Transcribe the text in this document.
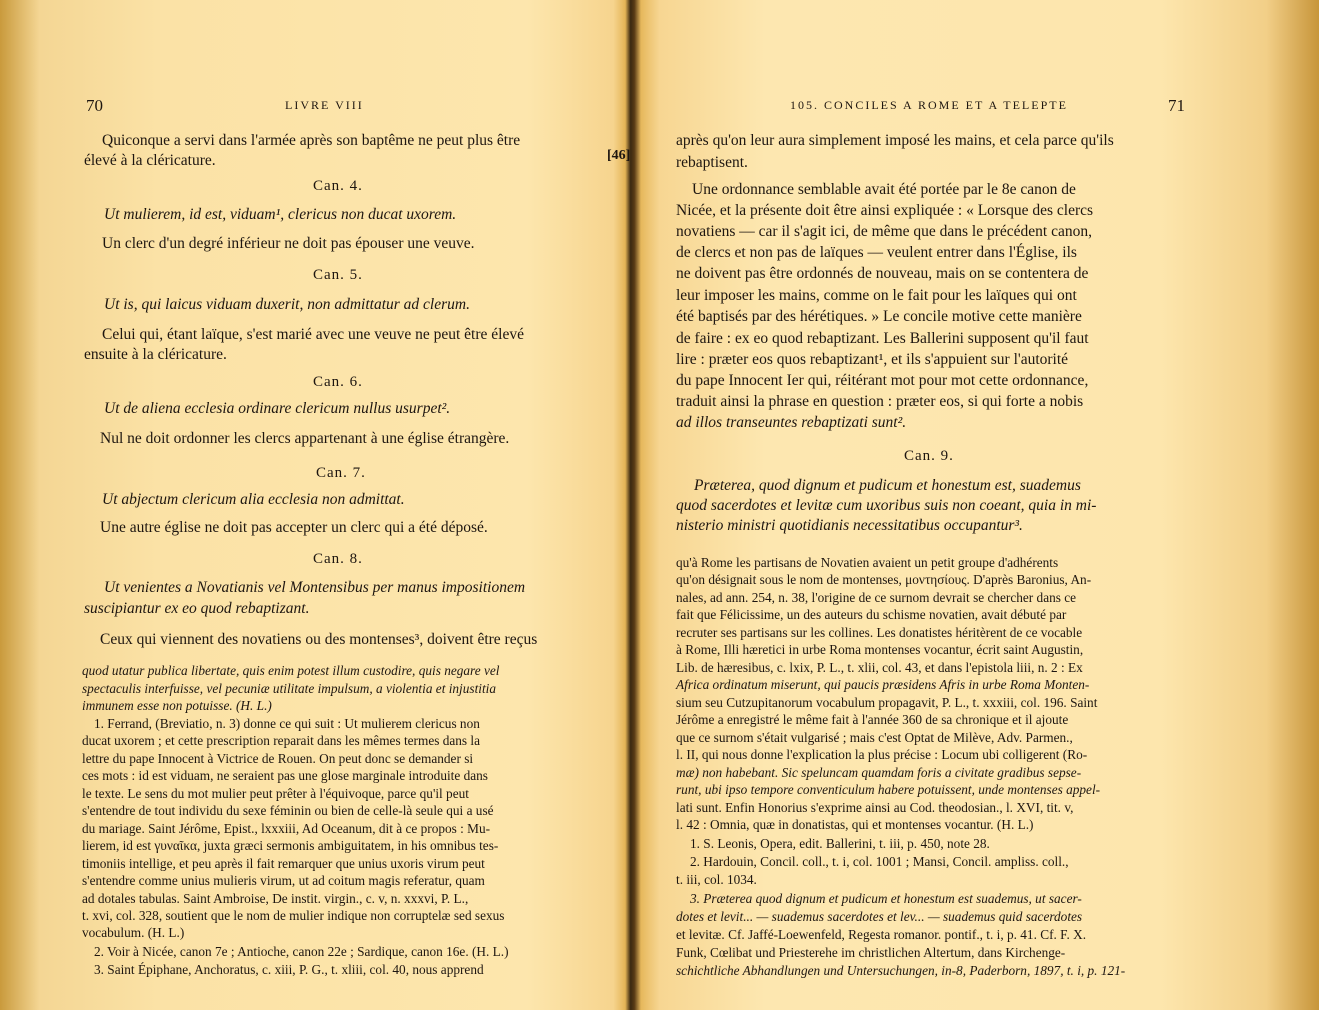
70	LIVRE VIII
[46]
Quiconque a servi dans l'armée après son baptême ne peut plus être
élevé à la cléricature.
Can. 4.
Ut mulierem, id est, viduam¹, clericus non ducat uxorem.
Un clerc d'un degré inférieur ne doit pas épouser une veuve.
Can. 5.
Ut is, qui laicus viduam duxerit, non admittatur ad clerum.
Celui qui, étant laïque, s'est marié avec une veuve ne peut être élevé
ensuite à la cléricature.
Can. 6.
Ut de aliena ecclesia ordinare clericum nullus usurpet².
Nul ne doit ordonner les clercs appartenant à une église étrangère.
Can. 7.
Ut abjectum clericum alia ecclesia non admittat.
Une autre église ne doit pas accepter un clerc qui a été déposé.
Can. 8.
Ut venientes a Novatianis vel Montensibus per manus impositionem
suscipiantur ex eo quod rebaptizant.
Ceux qui viennent des novatiens ou des montenses³, doivent être reçus
quod utatur publica libertate, quis enim potest illum custodire, quis negare vel
spectaculis interfuisse, vel pecuniæ utilitate impulsum, a violentia et injustitia
immunem esse non potuisse. (H. L.)
1. Ferrand, (Breviatio, n. 3) donne ce qui suit : Ut mulierem clericus non
ducat uxorem ; et cette prescription reparait dans les mêmes termes dans la
lettre du pape Innocent à Victrice de Rouen. On peut donc se demander si
ces mots : id est viduam, ne seraient pas une glose marginale introduite dans
le texte. Le sens du mot mulier peut prêter à l'équivoque, parce qu'il peut
s'entendre de tout individu du sexe féminin ou bien de celle-là seule qui a usé
du mariage. Saint Jérôme, Epist., lxxxiii, Ad Oceanum, dit à ce propos : Mu-
lierem, id est γυναῖκα, juxta græci sermonis ambiguitatem, in his omnibus tes-
timoniis intellige, et peu après il fait remarquer que unius uxoris virum peut
s'entendre comme unius mulieris virum, ut ad coitum magis referatur, quam
ad dotales tabulas. Saint Ambroise, De instit. virgin., c. v, n. xxxvi, P. L.,
t. xvi, col. 328, soutient que le nom de mulier indique non corruptelæ sed sexus
vocabulum. (H. L.)
2. Voir à Nicée, canon 7e ; Antioche, canon 22e ; Sardique, canon 16e. (H. L.)
3. Saint Épiphane, Anchoratus, c. xiii, P. G., t. xliii, col. 40, nous apprend
105. CONCILES A ROME ET A TELEPTE	71
après qu'on leur aura simplement imposé les mains, et cela parce qu'ils
rebaptisent.
Une ordonnance semblable avait été portée par le 8e canon de
Nicée, et la présente doit être ainsi expliquée : « Lorsque des clercs
novatiens — car il s'agit ici, de même que dans le précédent canon,
de clercs et non pas de laïques — veulent entrer dans l'Église, ils
ne doivent pas être ordonnés de nouveau, mais on se contentera de
leur imposer les mains, comme on le fait pour les laïques qui ont
été baptisés par des hérétiques. » Le concile motive cette manière
de faire : ex eo quod rebaptizant. Les Ballerini supposent qu'il faut
lire : præter eos quos rebaptizant¹, et ils s'appuient sur l'autorité
du pape Innocent Ier qui, réitérant mot pour mot cette ordonnance,
traduit ainsi la phrase en question : præter eos, si qui forte a nobis
ad illos transeuntes rebaptizati sunt².
Can. 9.
Præterea, quod dignum et pudicum et honestum est, suademus
quod sacerdotes et levitæ cum uxoribus suis non coeant, quia in mi-
nisterio ministri quotidianis necessitatibus occupantur³.
qu'à Rome les partisans de Novatien avaient un petit groupe d'adhérents
qu'on désignait sous le nom de montenses, μοντησίους. D'après Baronius, An-
nales, ad ann. 254, n. 38, l'origine de ce surnom devrait se chercher dans ce
fait que Félicissime, un des auteurs du schisme novatien, avait débuté par
recruter ses partisans sur les collines. Les donatistes héritèrent de ce vocable
à Rome, Illi hæretici in urbe Roma montenses vocantur, écrit saint Augustin,
Lib. de hæresibus, c. lxix, P. L., t. xlii, col. 43, et dans l'epistola liii, n. 2 : Ex
Africa ordinatum miserunt, qui paucis præsidens Afris in urbe Roma Monten-
sium seu Cutzupitanorum vocabulum propagavit, P. L., t. xxxiii, col. 196. Saint
Jérôme a enregistré le même fait à l'année 360 de sa chronique et il ajoute
que ce surnom s'était vulgarisé ; mais c'est Optat de Milève, Adv. Parmen.,
l. II, qui nous donne l'explication la plus précise : Locum ubi colligerent (Ro-
mæ) non habebant. Sic speluncam quamdam foris a civitate gradibus sepse-
runt, ubi ipso tempore conventiculum habere potuissent, unde montenses appel-
lati sunt. Enfin Honorius s'exprime ainsi au Cod. theodosian., l. XVI, tit. v,
l. 42 : Omnia, quæ in donatistas, qui et montenses vocantur. (H. L.)
1. S. Leonis, Opera, edit. Ballerini, t. iii, p. 450, note 28.
2. Hardouin, Concil. coll., t. i, col. 1001 ; Mansi, Concil. ampliss. coll.,
t. iii, col. 1034.
3. Præterea quod dignum et pudicum et honestum est suademus, ut sacer-
dotes et levit... — suademus sacerdotes et lev... — suademus quid sacerdotes
et levitæ. Cf. Jaffé-Loewenfeld, Regesta romanor. pontif., t. i, p. 41. Cf. F. X.
Funk, Cœlibat und Priesterehe im christlichen Altertum, dans Kirchenge-
schichtliche Abhandlungen und Untersuchungen, in-8, Paderborn, 1897, t. i, p. 121-
